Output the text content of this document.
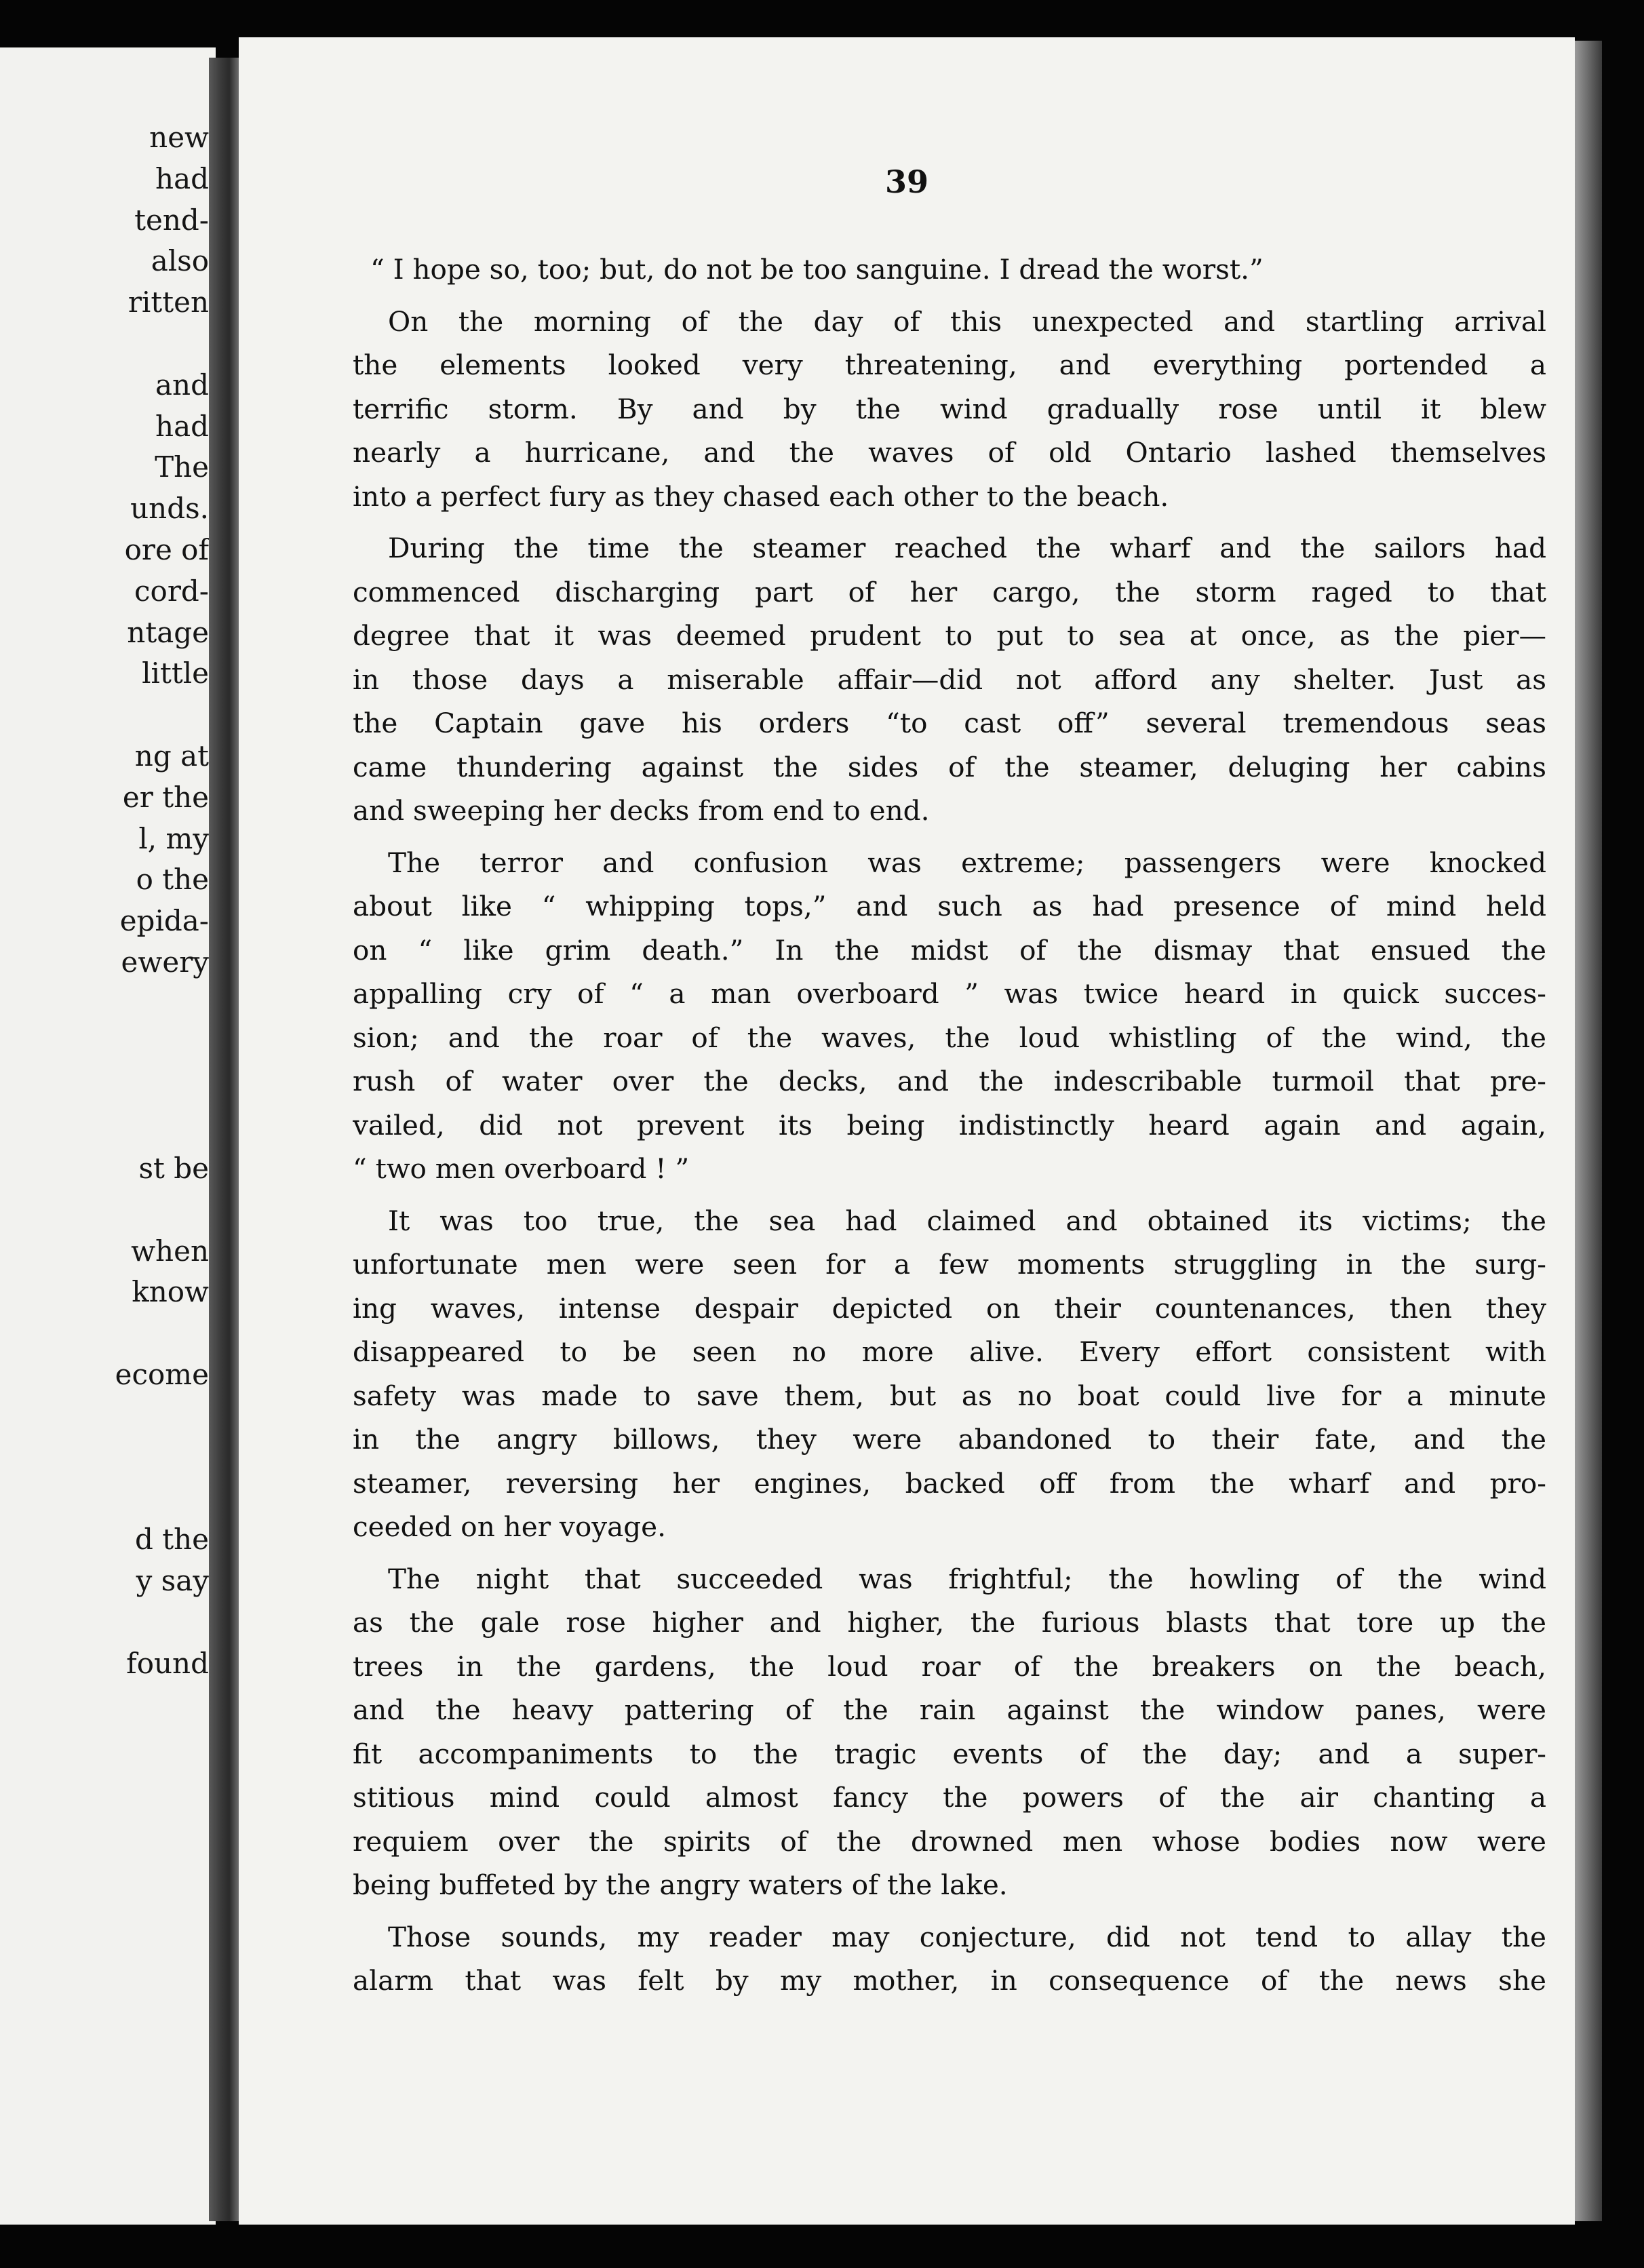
new
had
tend-
also
ritten
and
had
The
unds.
ore of
cord-
ntage
little
ng at
er the
l, my
o the
epida-
ewery
st be
when
know
ecome
d the
y say
found
39
“ I hope so, too; but, do not be too sanguine. I dread the worst.”
On the morning of the day of this unexpected and startling arrival
the elements looked very threatening, and everything portended a
terrific storm. By and by the wind gradually rose until it blew
nearly a hurricane, and the waves of old Ontario lashed themselves
into a perfect fury as they chased each other to the beach.
During the time the steamer reached the wharf and the sailors had
commenced discharging part of her cargo, the storm raged to that
degree that it was deemed prudent to put to sea at once, as the pier—
in those days a miserable affair—did not afford any shelter. Just as
the Captain gave his orders “to cast off” several tremendous seas
came thundering against the sides of the steamer, deluging her cabins
and sweeping her decks from end to end.
The terror and confusion was extreme; passengers were knocked
about like “ whipping tops,” and such as had presence of mind held
on “ like grim death.” In the midst of the dismay that ensued the
appalling cry of “ a man overboard ” was twice heard in quick succes-
sion; and the roar of the waves, the loud whistling of the wind, the
rush of water over the decks, and the indescribable turmoil that pre-
vailed, did not prevent its being indistinctly heard again and again,
“ two men overboard ! ”
It was too true, the sea had claimed and obtained its victims; the
unfortunate men were seen for a few moments struggling in the surg-
ing waves, intense despair depicted on their countenances, then they
disappeared to be seen no more alive. Every effort consistent with
safety was made to save them, but as no boat could live for a minute
in the angry billows, they were abandoned to their fate, and the
steamer, reversing her engines, backed off from the wharf and pro-
ceeded on her voyage.
The night that succeeded was frightful; the howling of the wind
as the gale rose higher and higher, the furious blasts that tore up the
trees in the gardens, the loud roar of the breakers on the beach,
and the heavy pattering of the rain against the window panes, were
fit accompaniments to the tragic events of the day; and a super-
stitious mind could almost fancy the powers of the air chanting a
requiem over the spirits of the drowned men whose bodies now were
being buffeted by the angry waters of the lake.
Those sounds, my reader may conjecture, did not tend to allay the
alarm that was felt by my mother, in consequence of the news she
